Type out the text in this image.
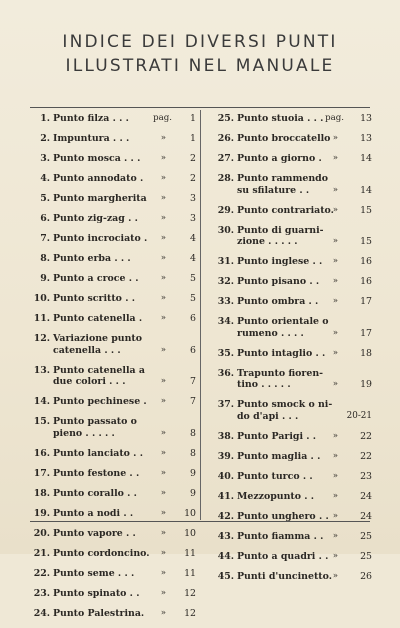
INDICE DEI DIVERSI PUNTI
ILLUSTRATI NEL MANUALE
1. Punto filza . . .	pag.	1
2. Impuntura . . .	»	1
3. Punto mosca . . . »	2
4. Punto annodato . »	2
5. Punto margherita »	3
6. Punto zig-zag . .	»	3
7. Punto incrociato . »	4
8. Punto erba . . .	»	4
9. Punto a croce . .	»	5
10. Punto scritto . .	»	5
11. Punto catenella . »	6
12. Variazione punto
catenella . . .	»	6
13. Punto catenella a
due colori . . .	»	7
14. Punto pechinese . »	7
15. Punto passato o
pieno . . . . .	»	8
16. Punto lanciato . . »	8
17. Punto festone . .	»	9
18. Punto corallo . .	»	9
19. Punto a nodi . .	»	10
20. Punto vapore . .	»	10
21. Punto cordoncino. »	11
22. Punto seme . . .	»	11
23. Punto spinato . . »	12
24. Punto Palestrina. »	12
25. Punto stuoia . . . pag.	13
26. Punto broccatello »	13
27. Punto a giorno . »	14
28. Punto rammendo
su sfilature . .	»	14
29. Punto contrariato.
»	15
30. Punto di guarni-
zione . . . . .	»	15
31. Punto inglese . . »	16
32. Punto pisano . . »	16
33. Punto ombra . . »	17
34. Punto orientale o
rumeno . . . .	»	17
35. Punto intaglio . . »	18
36. Trapunto fioren-
tino . . . . .	»	19
37. Punto smock o ni-
do d'api . . .	20-21
38. Punto Parigi . . »	22
39. Punto maglia . . »	22
40. Punto turco . . »	23
41. Mezzopunto . . »	24
42. Punto unghero . . »	24
43. Punto fiamma . . »	25
44. Punto a quadri . . »	25
45. Punti d'uncinetto. »	26
